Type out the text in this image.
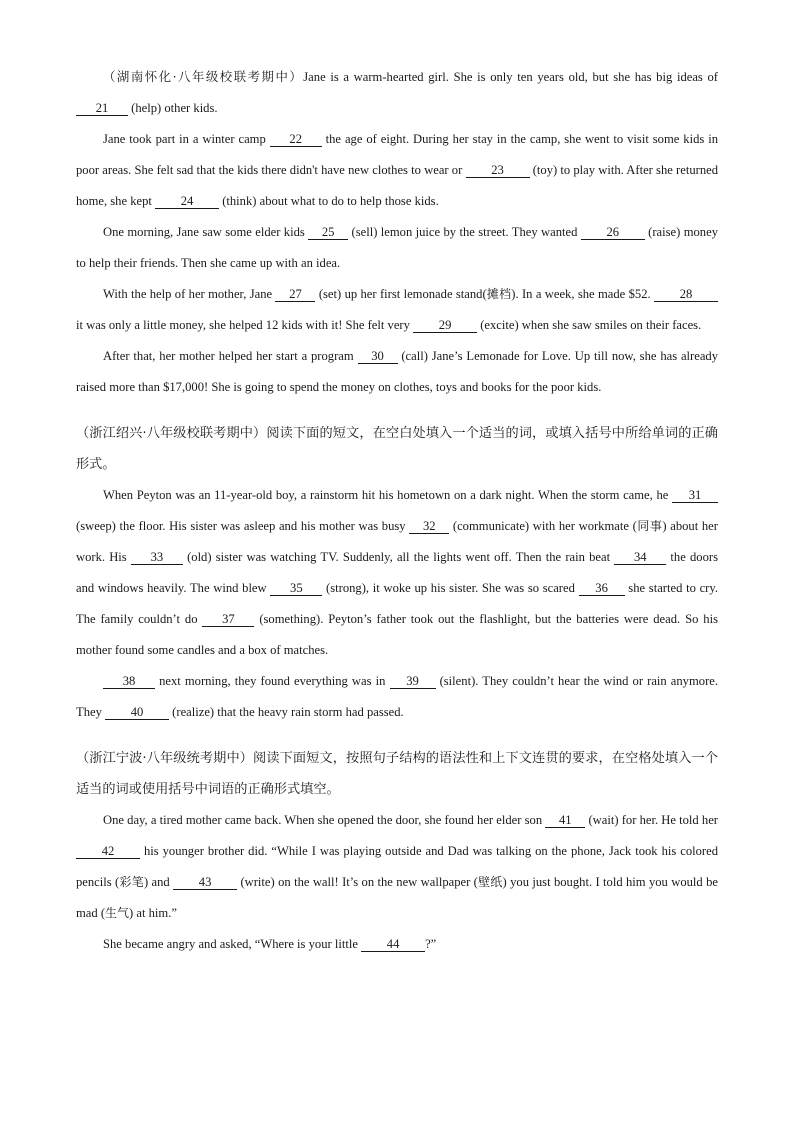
（湖南怀化·八年级校联考期中）Jane is a warm-hearted girl. She is only ten years old, but she has big ideas of 21 (help) other kids.

Jane took part in a winter camp 22 the age of eight. During her stay in the camp, she went to visit some kids in poor areas. She felt sad that the kids there didn't have new clothes to wear or 23 (toy) to play with. After she returned home, she kept 24 (think) about what to do to help those kids.

One morning, Jane saw some elder kids 25 (sell) lemon juice by the street. They wanted 26 (raise) money to help their friends. Then she came up with an idea.

With the help of her mother, Jane 27 (set) up her first lemonade stand(摊档). In a week, she made $52. 28 it was only a little money, she helped 12 kids with it! She felt very 29 (excite) when she saw smiles on their faces.

After that, her mother helped her start a program 30 (call) Jane’s Lemonade for Love. Up till now, she has already raised more than $17,000! She is going to spend the money on clothes, toys and books for the poor kids.

（浙江绍兴·八年级校联考期中）阅读下面的短文，在空白处填入一个适当的词，或填入括号中所给单词的正确形式。

When Peyton was an 11-year-old boy, a rainstorm hit his hometown on a dark night. When the storm came, he 31 (sweep) the floor. His sister was asleep and his mother was busy 32 (communicate) with her workmate (同事) about her work. His 33 (old) sister was watching TV. Suddenly, all the lights went off. Then the rain beat 34 the doors and windows heavily. The wind blew 35 (strong), it woke up his sister. She was so scared 36 she started to cry. The family couldn’t do 37 (something). Peyton’s father took out the flashlight, but the batteries were dead. So his mother found some candles and a box of matches.

38 next morning, they found everything was in 39 (silent). They couldn’t hear the wind or rain anymore. They 40 (realize) that the heavy rain storm had passed.

（浙江宁波·八年级统考期中）阅读下面短文，按照句子结构的语法性和上下文连贯的要求，在空格处填入一个适当的词或使用括号中词语的正确形式填空。

One day, a tired mother came back. When she opened the door, she found her elder son 41 (wait) for her. He told her 42 his younger brother did. “While I was playing outside and Dad was talking on the phone, Jack took his colored pencils (彩笔) and 43 (write) on the wall! It’s on the new wallpaper (壁纸) you just bought. I told him you would be mad (生气) at him.”

She became angry and asked, “Where is your little 44 ?”
